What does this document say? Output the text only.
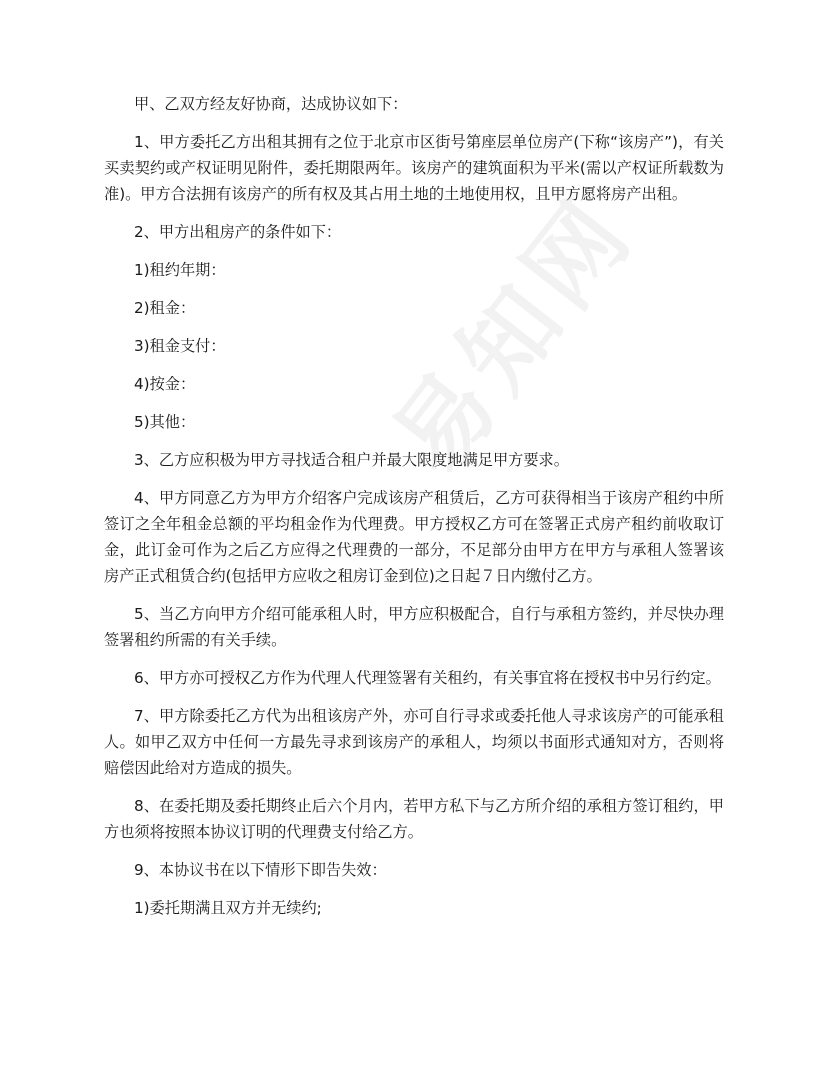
甲、乙双方经友好协商，达成协议如下：

1、甲方委托乙方出租其拥有之位于北京市区街号第座层单位房产(下称“该房产”)，有关买卖契约或产权证明见附件，委托期限两年。该房产的建筑面积为平米(需以产权证所载数为准)。甲方合法拥有该房产的所有权及其占用土地的土地使用权，且甲方愿将房产出租。

2、甲方出租房产的条件如下：

1)租约年期：

2)租金：

3)租金支付：

4)按金：

5)其他：

3、乙方应积极为甲方寻找适合租户并最大限度地满足甲方要求。

4、甲方同意乙方为甲方介绍客户完成该房产租赁后，乙方可获得相当于该房产租约中所签订之全年租金总额的平均租金作为代理费。甲方授权乙方可在签署正式房产租约前收取订金，此订金可作为之后乙方应得之代理费的一部分，不足部分由甲方在甲方与承租人签署该房产正式租赁合约(包括甲方应收之租房订金到位)之日起７日内缴付乙方。

5、当乙方向甲方介绍可能承租人时，甲方应积极配合，自行与承租方签约，并尽快办理签署租约所需的有关手续。

6、甲方亦可授权乙方作为代理人代理签署有关租约，有关事宜将在授权书中另行约定。

7、甲方除委托乙方代为出租该房产外，亦可自行寻求或委托他人寻求该房产的可能承租人。如甲乙双方中任何一方最先寻求到该房产的承租人，均须以书面形式通知对方，否则将赔偿因此给对方造成的损失。

8、在委托期及委托期终止后六个月内，若甲方私下与乙方所介绍的承租方签订租约，甲方也须将按照本协议订明的代理费支付给乙方。

9、本协议书在以下情形下即告失效：

1)委托期满且双方并无续约;
